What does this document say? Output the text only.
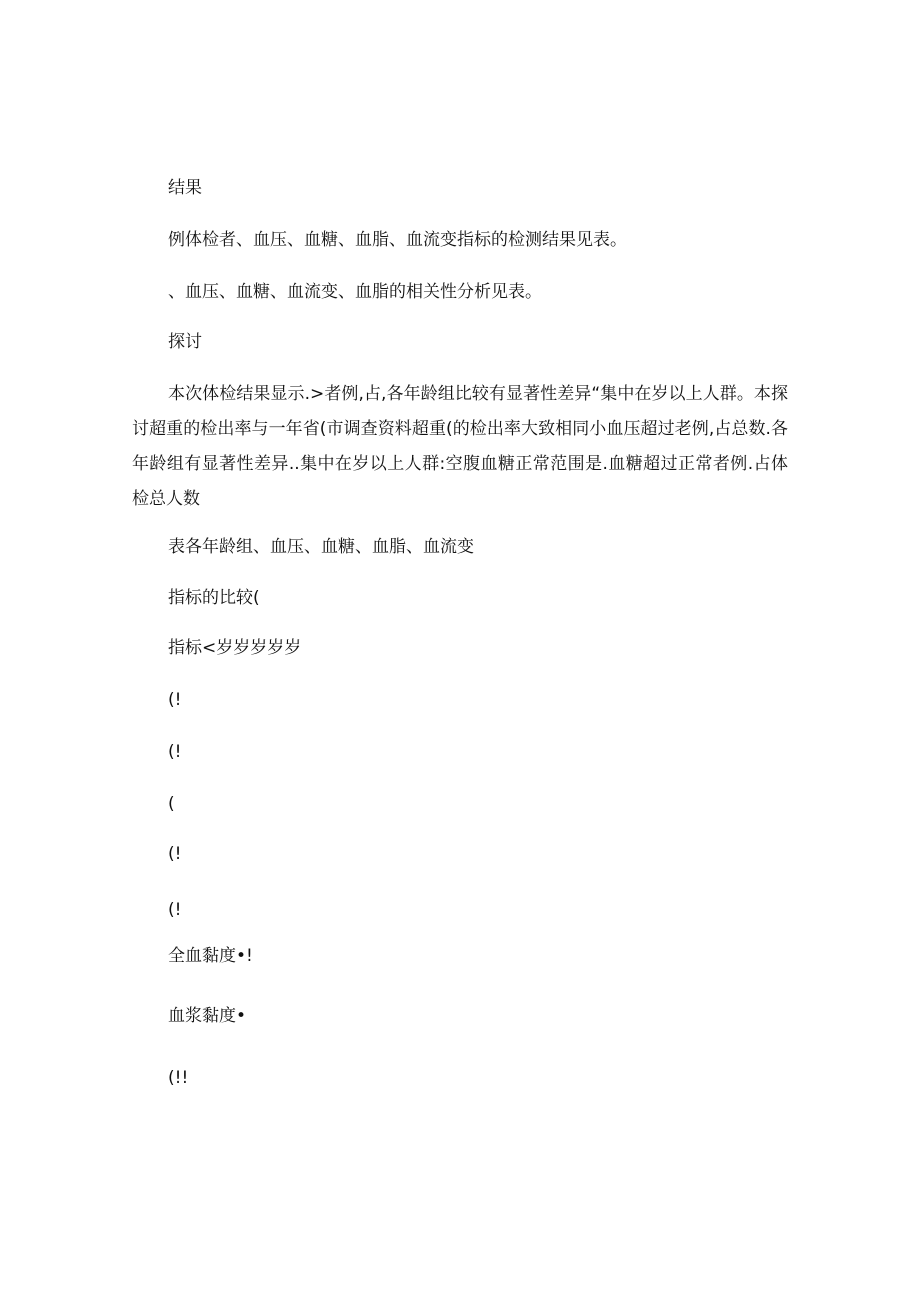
结果

例体检者、血压、血糖、血脂、血流变指标的检测结果见表。

、血压、血糖、血流变、血脂的相关性分析见表。

探讨

本次体检结果显示.>者例,占,各年龄组比较有显著性差异“集中在岁以上人群。本探讨超重的检出率与一年省(市调查资料超重(的检出率大致相同小血压超过老例,占总数.各年龄组有显著性差异..集中在岁以上人群:空腹血糖正常范围是.血糖超过正常者例.占体检总人数

表各年龄组、血压、血糖、血脂、血流变

指标的比较(

指标<岁岁岁岁岁

(!

(!

(

(!

(!

全血黏度•!

血浆黏度•

(!!
